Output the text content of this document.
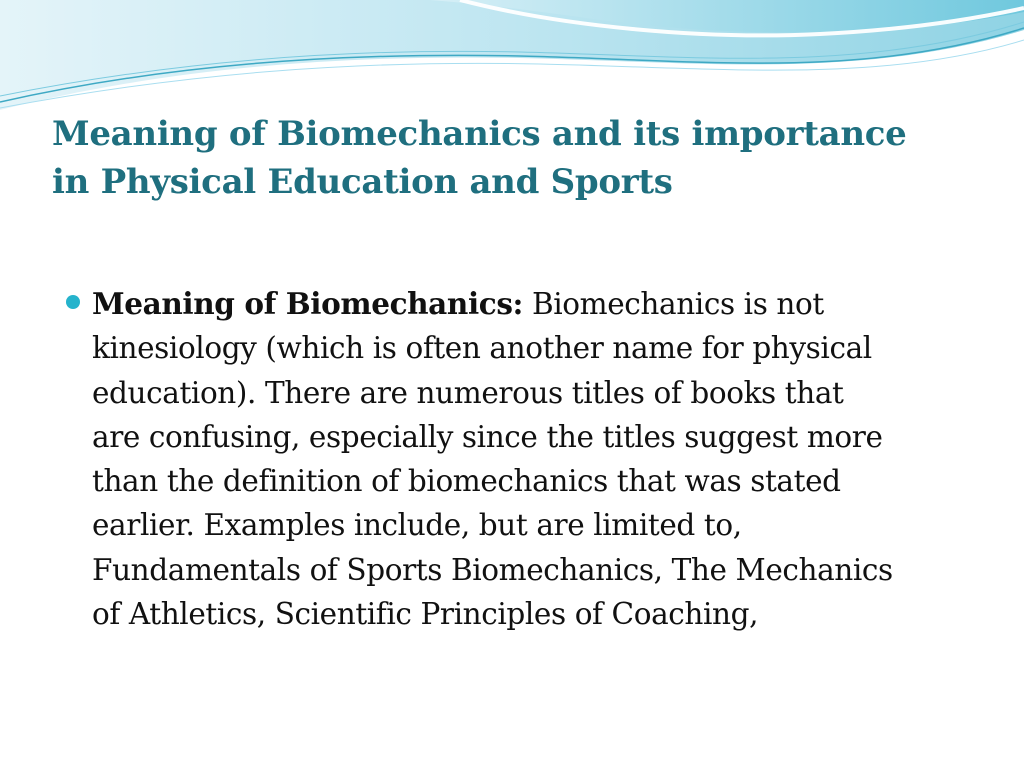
Meaning of Biomechanics and its importance
in Physical Education and Sports
Meaning of Biomechanics: Biomechanics is not
kinesiology (which is often another name for physical
education). There are numerous titles of books that
are confusing, especially since the titles suggest more
than the definition of biomechanics that was stated
earlier. Examples include, but are limited to,
Fundamentals of Sports Biomechanics, The Mechanics
of Athletics, Scientific Principles of Coaching,
